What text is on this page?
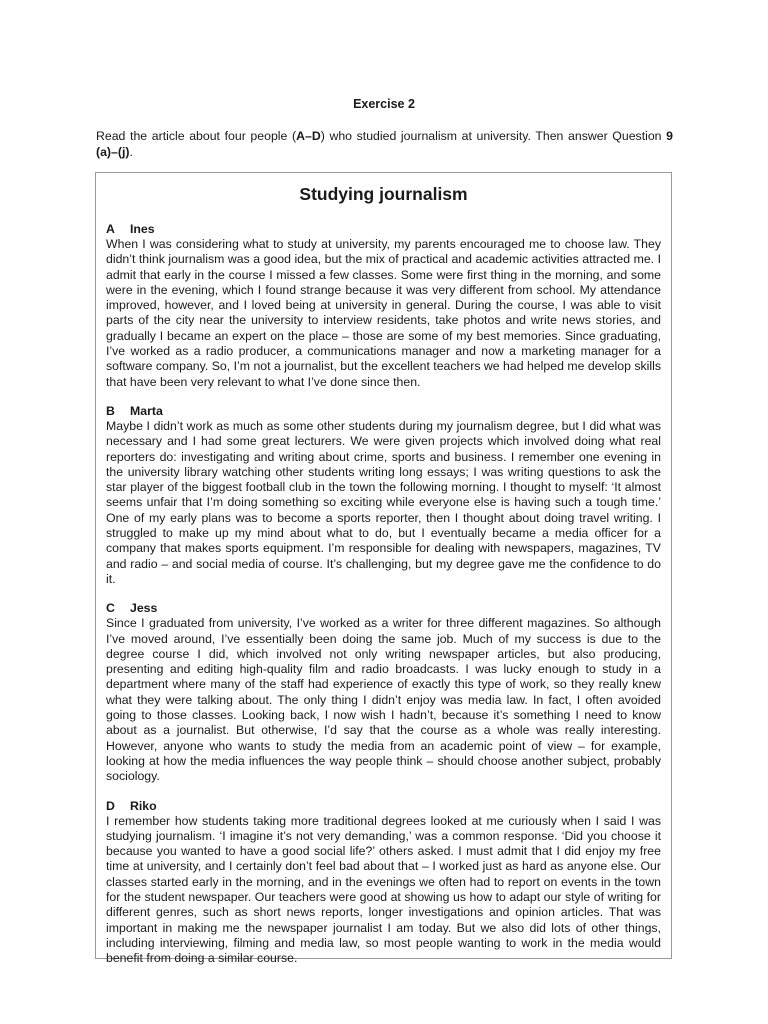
Exercise 2
Read the article about four people (A–D) who studied journalism at university. Then answer Question 9 (a)–(j).
Studying journalism

A Ines

When I was considering what to study at university, my parents encouraged me to choose law. They didn’t think journalism was a good idea, but the mix of practical and academic activities attracted me. I admit that early in the course I missed a few classes. Some were first thing in the morning, and some were in the evening, which I found strange because it was very different from school. My attendance improved, however, and I loved being at university in general. During the course, I was able to visit parts of the city near the university to interview residents, take photos and write news stories, and gradually I became an expert on the place – those are some of my best memories. Since graduating, I’ve worked as a radio producer, a communications manager and now a marketing manager for a software company. So, I’m not a journalist, but the excellent teachers we had helped me develop skills that have been very relevant to what I’ve done since then.

B Marta

Maybe I didn’t work as much as some other students during my journalism degree, but I did what was necessary and I had some great lecturers. We were given projects which involved doing what real reporters do: investigating and writing about crime, sports and business. I remember one evening in the university library watching other students writing long essays; I was writing questions to ask the star player of the biggest football club in the town the following morning. I thought to myself: ‘It almost seems unfair that I’m doing something so exciting while everyone else is having such a tough time.’ One of my early plans was to become a sports reporter, then I thought about doing travel writing. I struggled to make up my mind about what to do, but I eventually became a media officer for a company that makes sports equipment. I’m responsible for dealing with newspapers, magazines, TV and radio – and social media of course. It’s challenging, but my degree gave me the confidence to do it.

C Jess

Since I graduated from university, I’ve worked as a writer for three different magazines. So although I’ve moved around, I’ve essentially been doing the same job. Much of my success is due to the degree course I did, which involved not only writing newspaper articles, but also producing, presenting and editing high-quality film and radio broadcasts. I was lucky enough to study in a department where many of the staff had experience of exactly this type of work, so they really knew what they were talking about. The only thing I didn’t enjoy was media law. In fact, I often avoided going to those classes. Looking back, I now wish I hadn’t, because it’s something I need to know about as a journalist. But otherwise, I’d say that the course as a whole was really interesting. However, anyone who wants to study the media from an academic point of view – for example, looking at how the media influences the way people think – should choose another subject, probably sociology.

D Riko

I remember how students taking more traditional degrees looked at me curiously when I said I was studying journalism. ‘I imagine it’s not very demanding,’ was a common response. ‘Did you choose it because you wanted to have a good social life?’ others asked. I must admit that I did enjoy my free time at university, and I certainly don’t feel bad about that – I worked just as hard as anyone else. Our classes started early in the morning, and in the evenings we often had to report on events in the town for the student newspaper. Our teachers were good at showing us how to adapt our style of writing for different genres, such as short news reports, longer investigations and opinion articles. That was important in making me the newspaper journalist I am today. But we also did lots of other things, including interviewing, filming and media law, so most people wanting to work in the media would benefit from doing a similar course.
